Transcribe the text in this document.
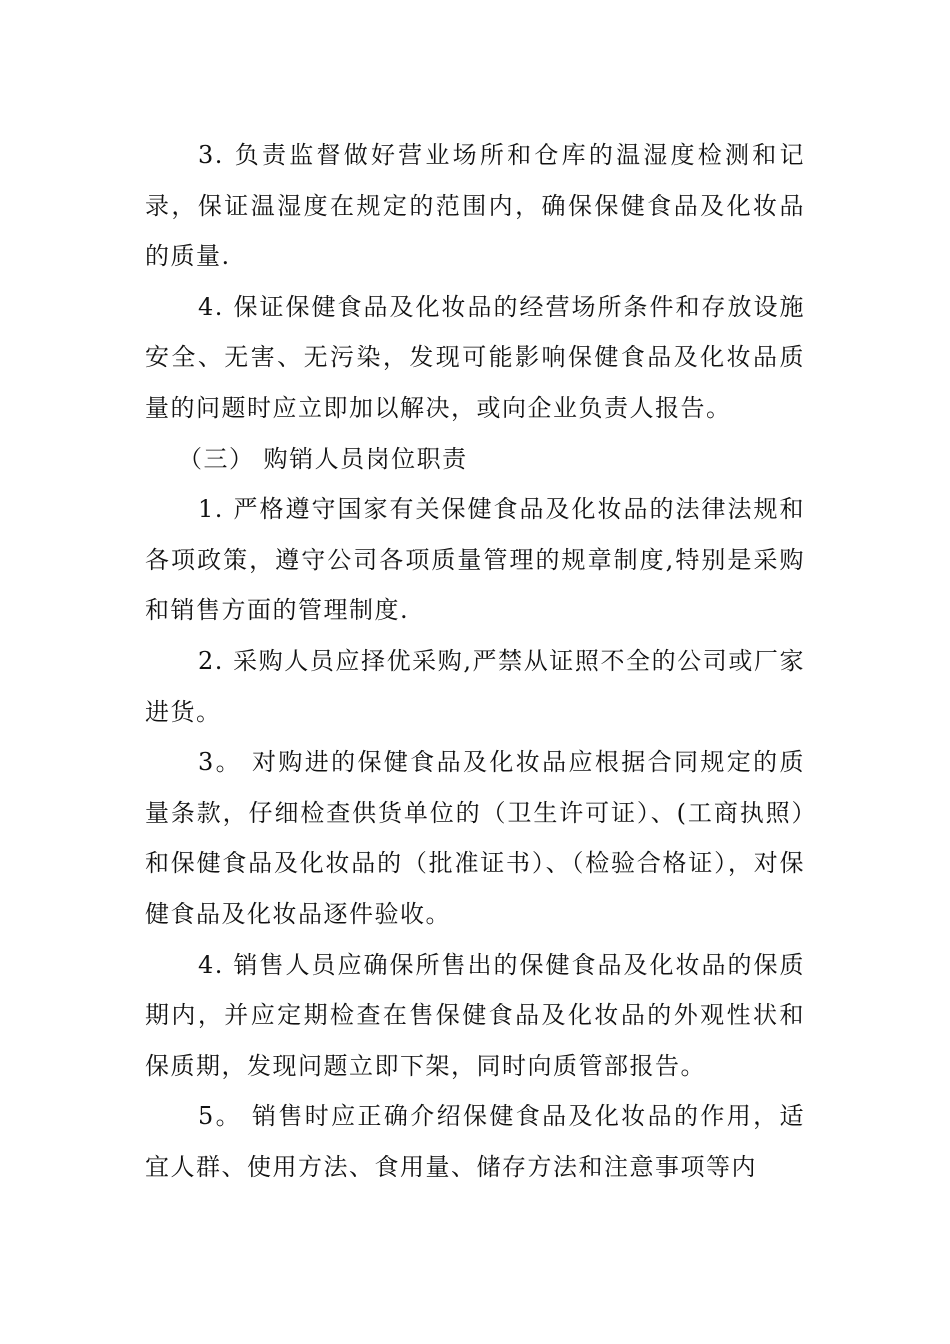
3. 负责监督做好营业场所和仓库的温湿度检测和记录，保证温湿度在规定的范围内，确保保健食品及化妆品的质量.

4. 保证保健食品及化妆品的经营场所条件和存放设施安全、无害、无污染，发现可能影响保健食品及化妆品质量的问题时应立即加以解决，或向企业负责人报告。

（三） 购销人员岗位职责

1. 严格遵守国家有关保健食品及化妆品的法律法规和各项政策，遵守公司各项质量管理的规章制度,特别是采购和销售方面的管理制度.

2. 采购人员应择优采购,严禁从证照不全的公司或厂家进货。

3。 对购进的保健食品及化妆品应根据合同规定的质量条款，仔细检查供货单位的（卫生许可证）、(工商执照）和保健食品及化妆品的（批准证书）、（检验合格证），对保健食品及化妆品逐件验收。

4. 销售人员应确保所售出的保健食品及化妆品的保质期内，并应定期检查在售保健食品及化妆品的外观性状和保质期，发现问题立即下架，同时向质管部报告。

5。 销售时应正确介绍保健食品及化妆品的作用，适宜人群、使用方法、食用量、储存方法和注意事项等内
